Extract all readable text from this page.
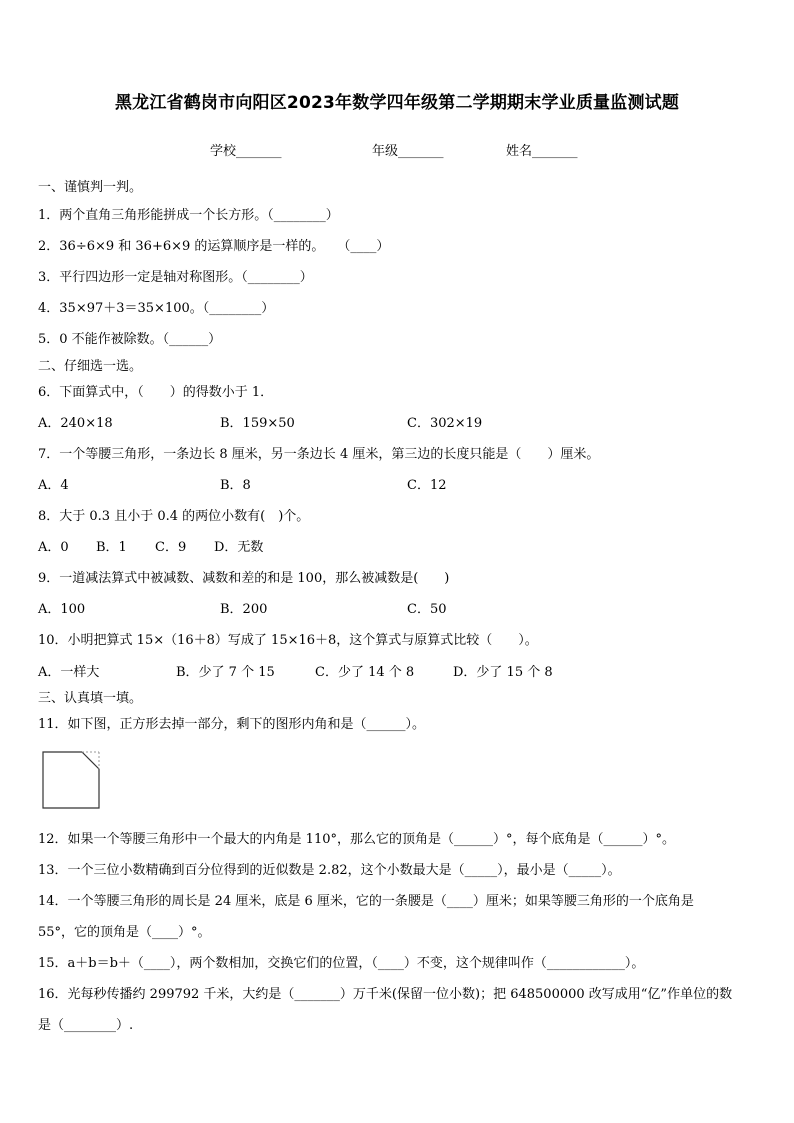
黑龙江省鹤岗市向阳区2023年数学四年级第二学期期末学业质量监测试题
学校_______	年级_______	姓名_______
一、谨慎判一判。
1．两个直角三角形能拼成一个长方形。（________）
2．36÷6×9 和 36+6×9 的运算顺序是一样的。　　（____）
3．平行四边形一定是轴对称图形。（________）
4．35×97＋3＝35×100。（________）
5．0 不能作被除数。（______）
二、仔细选一选。
6．下面算式中，（　　）的得数小于 1．
A．240×18	B．159×50	C．302×19
7．一个等腰三角形，一条边长 8 厘米，另一条边长 4 厘米，第三边的长度只能是（　　）厘米。
A．4	B．8	C．12
8．大于 0.3 且小于 0.4 的两位小数有(　)个。
A．0 B．1 C．9 D．无数
9．一道减法算式中被减数、减数和差的和是 100，那么被减数是(　　)
A．100	B．200	C．50
10．小明把算式 15×（16＋8）写成了 15×16＋8，这个算式与原算式比较（　　）。
A．一样大	B．少了 7 个 15	C．少了 14 个 8	D．少了 15 个 8
三、认真填一填。
11．如下图，正方形去掉一部分，剩下的图形内角和是（______）。
12．如果一个等腰三角形中一个最大的内角是 110°，那么它的顶角是（______）°，每个底角是（______）°。
13．一个三位小数精确到百分位得到的近似数是 2.82，这个小数最大是（_____），最小是（_____）。
14．一个等腰三角形的周长是 24 厘米，底是 6 厘米，它的一条腰是（____）厘米；如果等腰三角形的一个底角是
55°，它的顶角是（____）°。
15．a＋b＝b＋（____），两个数相加，交换它们的位置，（____）不变，这个规律叫作（____________）。
16．光每秒传播约 299792 千米，大约是（_______）万千米(保留一位小数)；把 648500000 改写成用“亿”作单位的数
是（________）.
